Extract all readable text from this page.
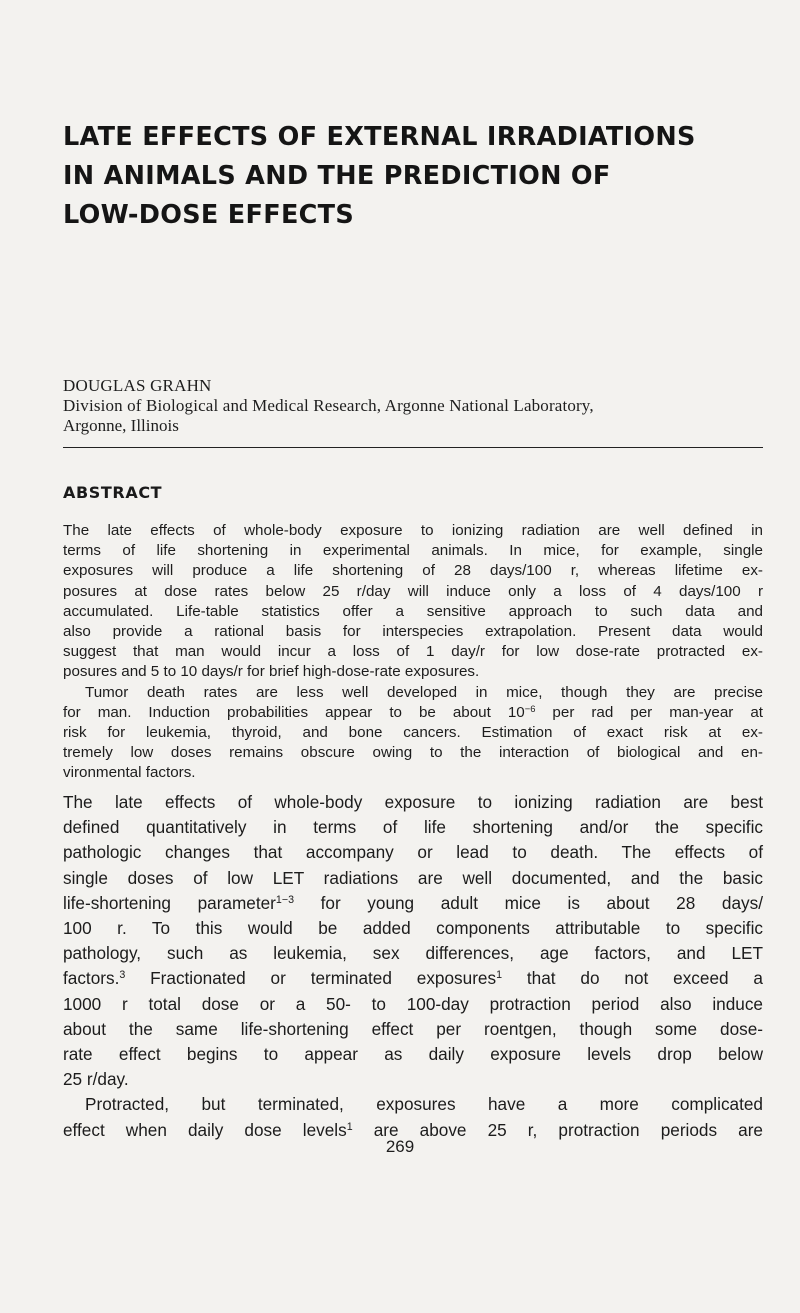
LATE EFFECTS OF EXTERNAL IRRADIATIONS
IN ANIMALS AND THE PREDICTION OF
LOW-DOSE EFFECTS
DOUGLAS GRAHN
Division of Biological and Medical Research, Argonne National Laboratory,
Argonne, Illinois
ABSTRACT
The late effects of whole-body exposure to ionizing radiation are well defined in
terms of life shortening in experimental animals. In mice, for example, single
exposures will produce a life shortening of 28 days/100 r, whereas lifetime ex-
posures at dose rates below 25 r/day will induce only a loss of 4 days/100 r
accumulated. Life-table statistics offer a sensitive approach to such data and
also provide a rational basis for interspecies extrapolation. Present data would
suggest that man would incur a loss of 1 day/r for low dose-rate protracted ex-
posures and 5 to 10 days/r for brief high-dose-rate exposures.
Tumor death rates are less well developed in mice, though they are precise
for man. Induction probabilities appear to be about $10^{-6}$ per rad per man-year at
risk for leukemia, thyroid, and bone cancers. Estimation of exact risk at ex-
tremely low doses remains obscure owing to the interaction of biological and en-
vironmental factors.
The late effects of whole-body exposure to ionizing radiation are best
defined quantitatively in terms of life shortening and/or the specific
pathologic changes that accompany or lead to death. The effects of
single doses of low LET radiations are well documented, and the basic
life-shortening parameter$^{1-3}$ for young adult mice is about 28 days/
100 r. To this would be added components attributable to specific
pathology, such as leukemia, sex differences, age factors, and LET
factors.$^3$ Fractionated or terminated exposures$^1$ that do not exceed a
1000 r total dose or a 50- to 100-day protraction period also induce
about the same life-shortening effect per roentgen, though some dose-
rate effect begins to appear as daily exposure levels drop below
25 r/day.
Protracted, but terminated, exposures have a more complicated
effect when daily dose levels$^1$ are above 25 r, protraction periods are
269
